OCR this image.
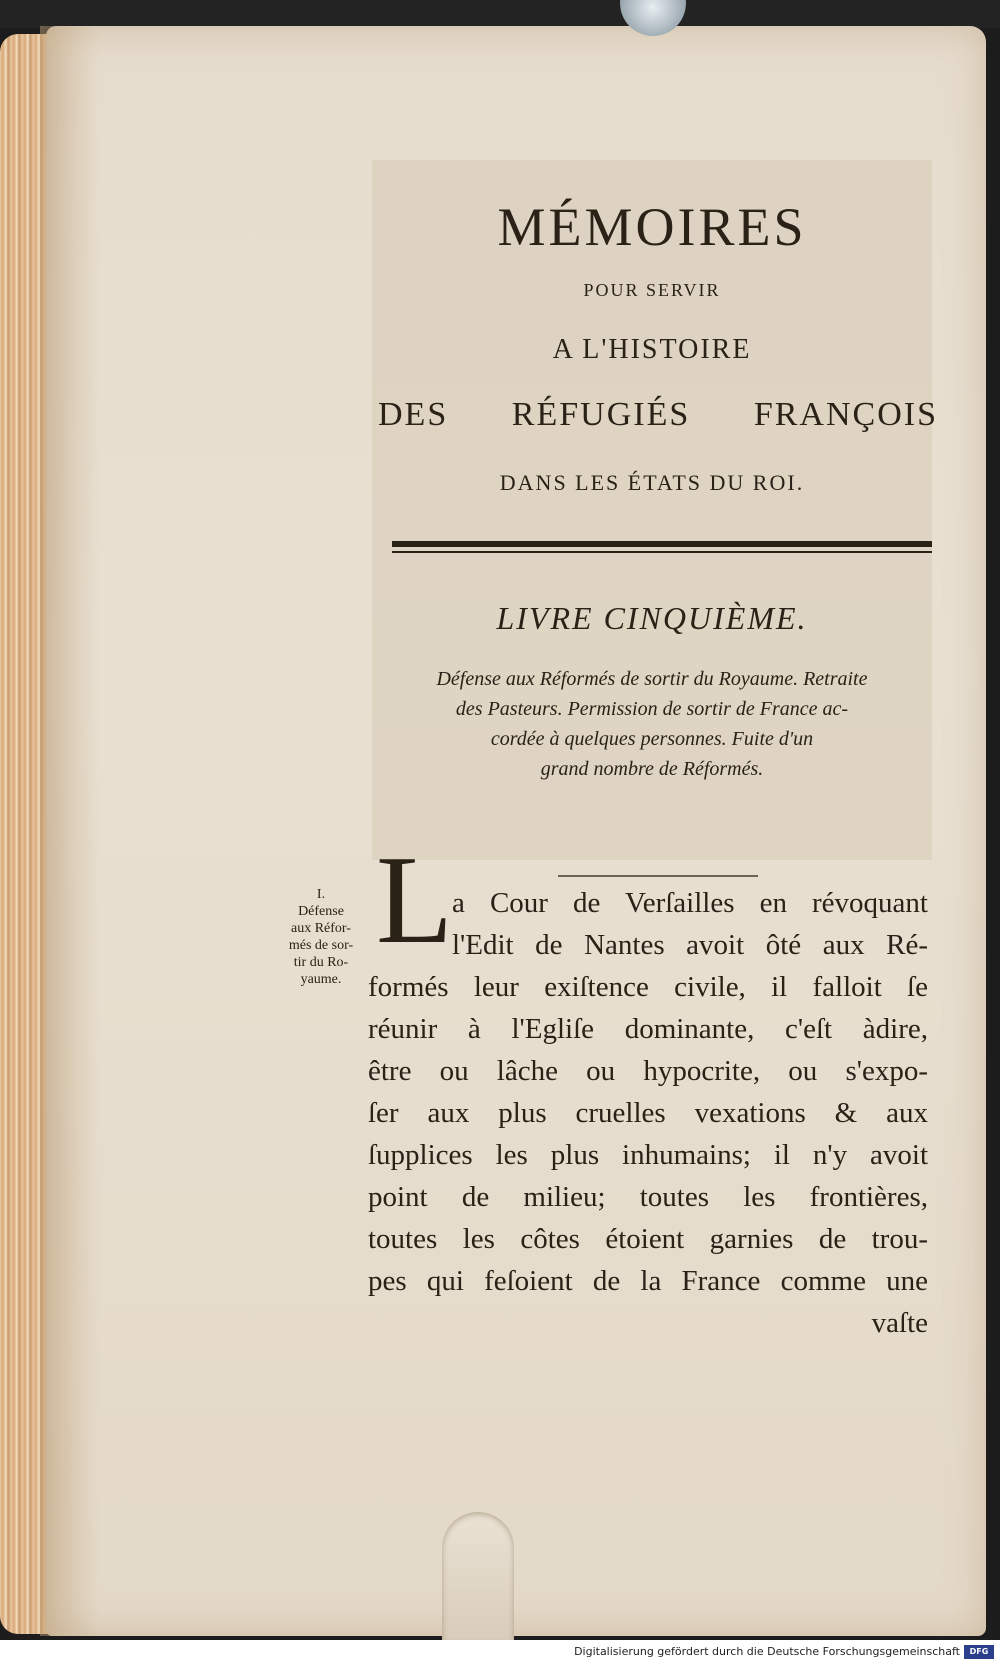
MÉMOIRES
POUR SERVIR
A L'HISTOIRE
DES RÉFUGIÉS FRANÇOIS
DANS LES ÉTATS DU ROI.
LIVRE CINQUIÈME.
Défense aux Réformés de sortir du Royaume. Retraite
des Pasteurs. Permission de sortir de France ac-
cordée à quelques personnes. Fuite d'un
grand nombre de Réformés.
I.
Défense
aux Réfor-
més de sor-
tir du Ro-
yaume.
L a Cour de Verſailles en révoquant
l'Edit de Nantes avoit ôté aux Ré-
formés leur exiſtence civile, il falloit ſe
réunir à l'Egliſe dominante, c'eſt àdire,
être ou lâche ou hypocrite, ou s'expo-
ſer aux plus cruelles vexations & aux
ſupplices les plus inhumains; il n'y avoit
point de milieu; toutes les frontières,
toutes les côtes étoient garnies de trou-
pes qui feſoient de la France comme une
vaſte
Digitalisierung gefördert durch die Deutsche Forschungsgemeinschaft	DFG
